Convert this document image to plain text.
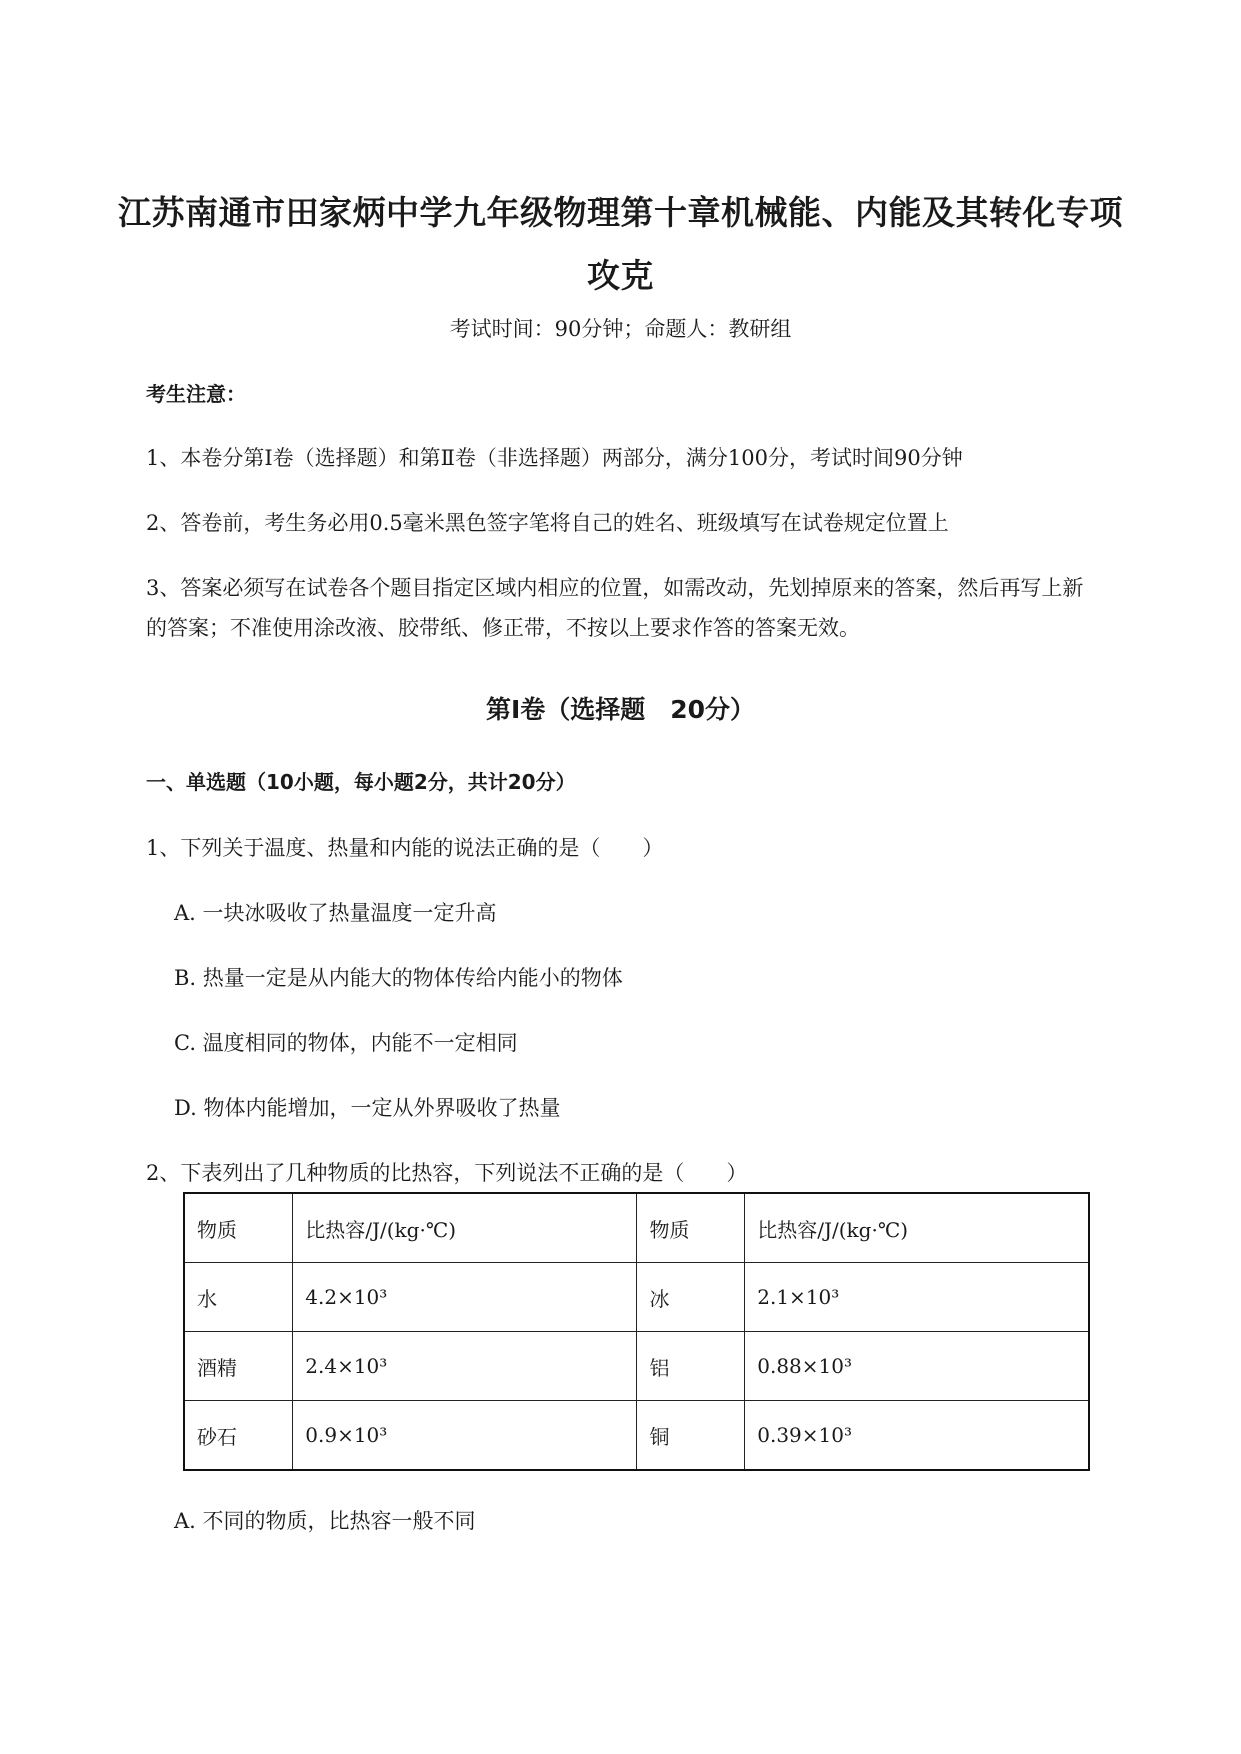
江苏南通市田家炳中学九年级物理第十章机械能、内能及其转化专项
攻克
考试时间：90分钟；命题人：教研组
考生注意：
1、本卷分第I卷（选择题）和第Ⅱ卷（非选择题）两部分，满分100分，考试时间90分钟
2、答卷前，考生务必用0.5毫米黑色签字笔将自己的姓名、班级填写在试卷规定位置上
3、答案必须写在试卷各个题目指定区域内相应的位置，如需改动，先划掉原来的答案，然后再写上新
的答案；不准使用涂改液、胶带纸、修正带，不按以上要求作答的答案无效。
第I卷（选择题　20分）
一、单选题（10小题，每小题2分，共计20分）
1、下列关于温度、热量和内能的说法正确的是（　　）
A. 一块冰吸收了热量温度一定升高
B. 热量一定是从内能大的物体传给内能小的物体
C. 温度相同的物体，内能不一定相同
D. 物体内能增加，一定从外界吸收了热量
2、下表列出了几种物质的比热容，下列说法不正确的是（　　）
物质	比热容/J/(kg·℃)	物质	比热容/J/(kg·℃)
水	4.2×10³	冰	2.1×10³
酒精	2.4×10³	铝	0.88×10³
砂石	0.9×10³	铜	0.39×10³
A. 不同的物质，比热容一般不同
